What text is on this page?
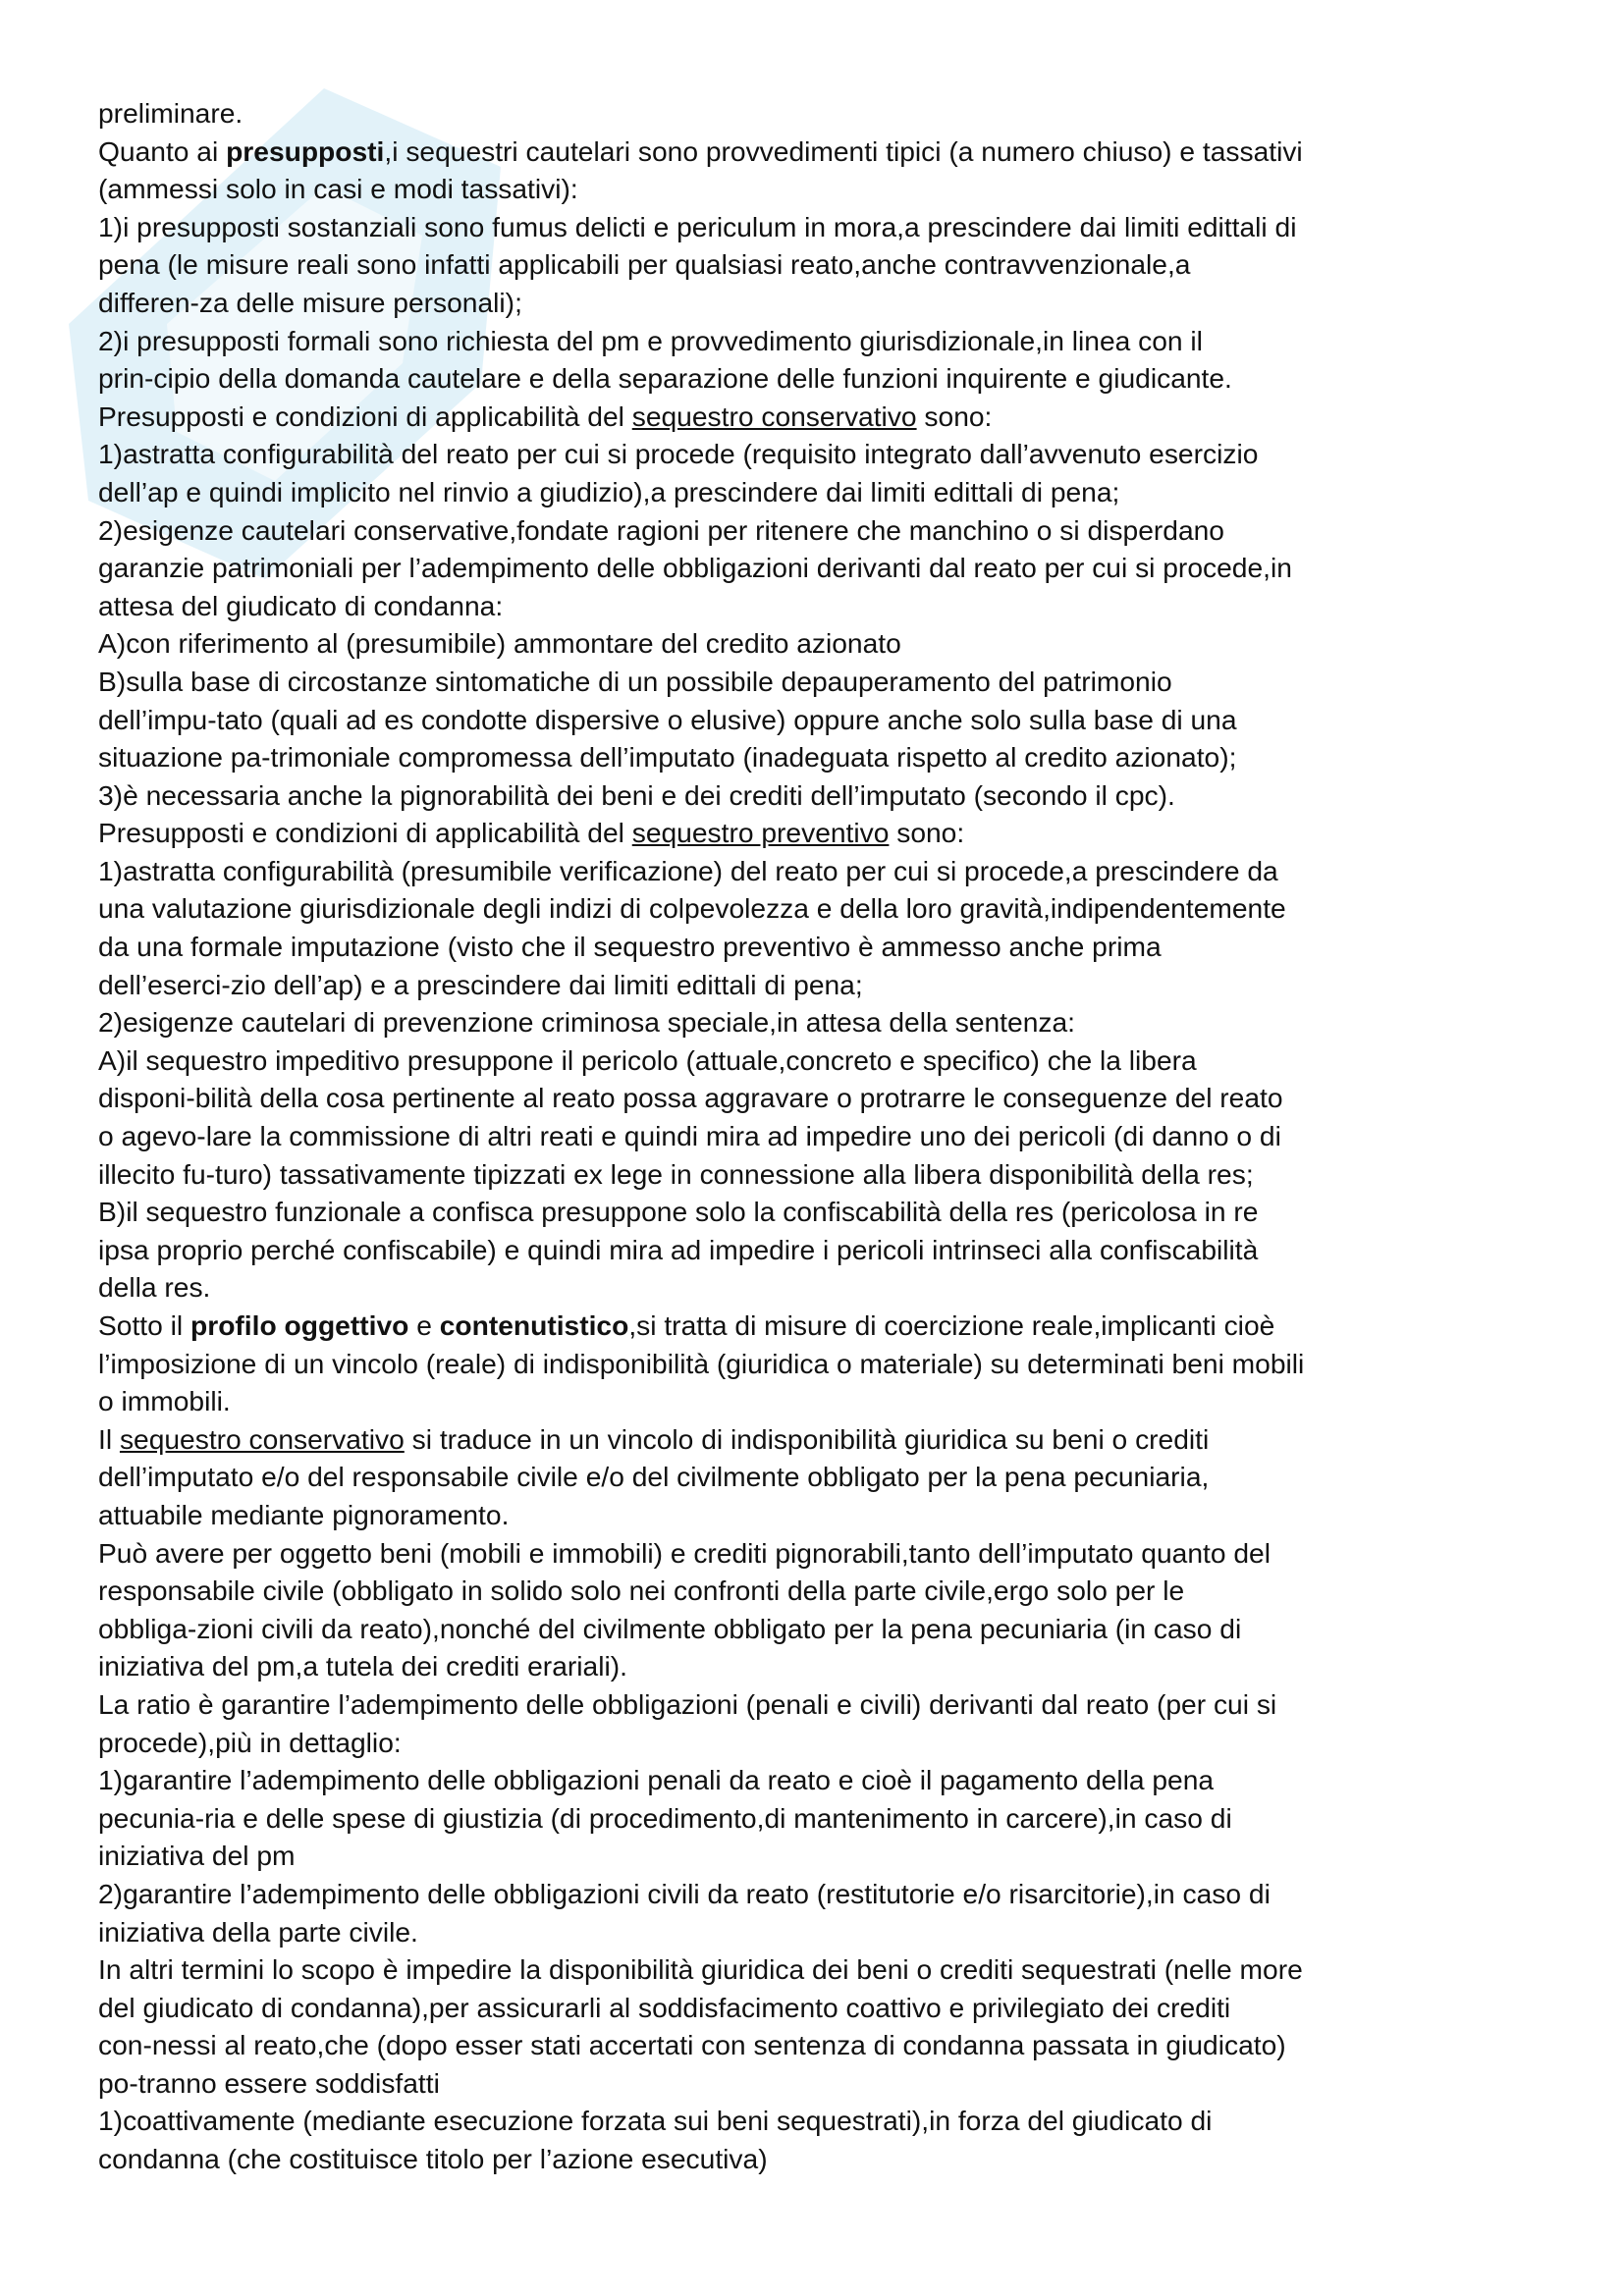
preliminare.
Quanto ai presupposti,i sequestri cautelari sono provvedimenti tipici (a numero chiuso) e tassativi
(ammessi solo in casi e modi tassativi):
1)i presupposti sostanziali sono fumus delicti e periculum in mora,a prescindere dai limiti edittali di
pena (le misure reali sono infatti applicabili per qualsiasi reato,anche contravvenzionale,a
differen-za delle misure personali);
2)i presupposti formali sono richiesta del pm e provvedimento giurisdizionale,in linea con il
prin-cipio della domanda cautelare e della separazione delle funzioni inquirente e giudicante.
Presupposti e condizioni di applicabilità del sequestro conservativo sono:
1)astratta configurabilità del reato per cui si procede (requisito integrato dall’avvenuto esercizio
dell’ap e quindi implicito nel rinvio a giudizio),a prescindere dai limiti edittali di pena;
2)esigenze cautelari conservative,fondate ragioni per ritenere che manchino o si disperdano
garanzie patrimoniali per l’adempimento delle obbligazioni derivanti dal reato per cui si procede,in
attesa del giudicato di condanna:
A)con riferimento al (presumibile) ammontare del credito azionato
B)sulla base di circostanze sintomatiche di un possibile depauperamento del patrimonio
dell’impu-tato (quali ad es condotte dispersive o elusive) oppure anche solo sulla base di una
situazione pa-trimoniale compromessa dell’imputato (inadeguata rispetto al credito azionato);
3)è necessaria anche la pignorabilità dei beni e dei crediti dell’imputato (secondo il cpc).
Presupposti e condizioni di applicabilità del sequestro preventivo sono:
1)astratta configurabilità (presumibile verificazione) del reato per cui si procede,a prescindere da
una valutazione giurisdizionale degli indizi di colpevolezza e della loro gravità,indipendentemente
da una formale imputazione (visto che il sequestro preventivo è ammesso anche prima
dell’eserci-zio dell’ap) e a prescindere dai limiti edittali di pena;
2)esigenze cautelari di prevenzione criminosa speciale,in attesa della sentenza:
A)il sequestro impeditivo presuppone il pericolo (attuale,concreto e specifico) che la libera
disponi-bilità della cosa pertinente al reato possa aggravare o protrarre le conseguenze del reato
o agevo-lare la commissione di altri reati e quindi mira ad impedire uno dei pericoli (di danno o di
illecito fu-turo) tassativamente tipizzati ex lege in connessione alla libera disponibilità della res;
B)il sequestro funzionale a confisca presuppone solo la confiscabilità della res (pericolosa in re
ipsa proprio perché confiscabile) e quindi mira ad impedire i pericoli intrinseci alla confiscabilità
della res.
Sotto il profilo oggettivo e contenutistico,si tratta di misure di coercizione reale,implicanti cioè
l’imposizione di un vincolo (reale) di indisponibilità (giuridica o materiale) su determinati beni mobili
o immobili.
Il sequestro conservativo si traduce in un vincolo di indisponibilità giuridica su beni o crediti
dell’imputato e/o del responsabile civile e/o del civilmente obbligato per la pena pecuniaria,
attuabile mediante pignoramento.
Può avere per oggetto beni (mobili e immobili) e crediti pignorabili,tanto dell’imputato quanto del
responsabile civile (obbligato in solido solo nei confronti della parte civile,ergo solo per le
obbliga-zioni civili da reato),nonché del civilmente obbligato per la pena pecuniaria (in caso di
iniziativa del pm,a tutela dei crediti erariali).
La ratio è garantire l’adempimento delle obbligazioni (penali e civili) derivanti dal reato (per cui si
procede),più in dettaglio:
1)garantire l’adempimento delle obbligazioni penali da reato e cioè il pagamento della pena
pecunia-ria e delle spese di giustizia (di procedimento,di mantenimento in carcere),in caso di
iniziativa del pm
2)garantire l’adempimento delle obbligazioni civili da reato (restitutorie e/o risarcitorie),in caso di
iniziativa della parte civile.
In altri termini lo scopo è impedire la disponibilità giuridica dei beni o crediti sequestrati (nelle more
del giudicato di condanna),per assicurarli al soddisfacimento coattivo e privilegiato dei crediti
con-nessi al reato,che (dopo esser stati accertati con sentenza di condanna passata in giudicato)
po-tranno essere soddisfatti
1)coattivamente (mediante esecuzione forzata sui beni sequestrati),in forza del giudicato di
condanna (che costituisce titolo per l’azione esecutiva)
